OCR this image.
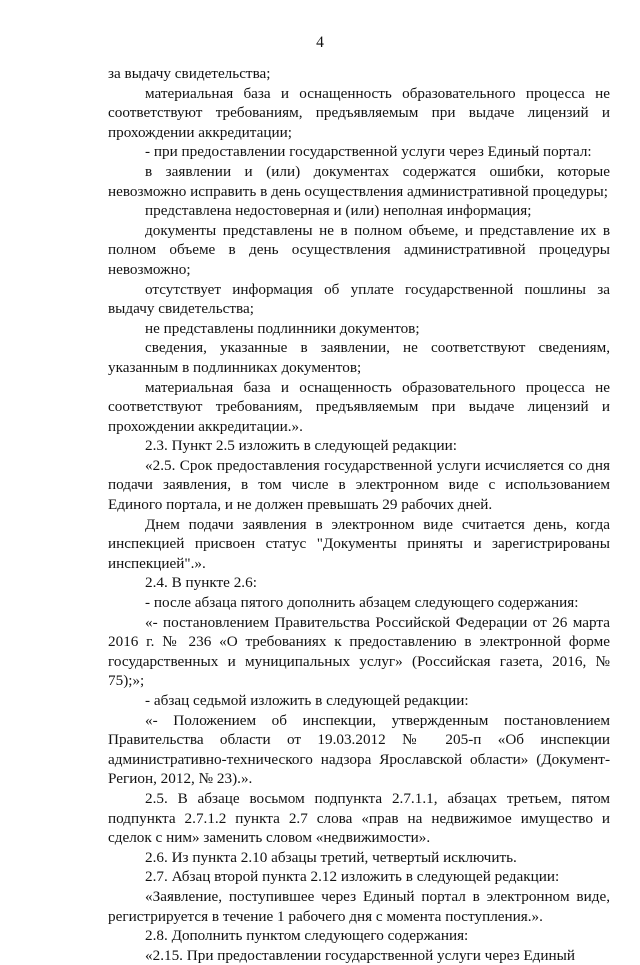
4

за выдачу свидетельства;

материальная база и оснащенность образовательного процесса не соответствуют требованиям, предъявляемым при выдаче лицензий и прохождении аккредитации;

- при предоставлении государственной услуги через Единый портал:

в заявлении и (или) документах содержатся ошибки, которые невозможно исправить в день осуществления административной процедуры;

представлена недостоверная и (или) неполная информация;

документы представлены не в полном объеме, и представление их в полном объеме в день осуществления административной процедуры невозможно;

отсутствует информация об уплате государственной пошлины за выдачу свидетельства;

не представлены подлинники документов;

сведения, указанные в заявлении, не соответствуют сведениям, указанным в подлинниках документов;

материальная база и оснащенность образовательного процесса не соответствуют требованиям, предъявляемым при выдаче лицензий и прохождении аккредитации.».

2.3. Пункт 2.5 изложить в следующей редакции:

«2.5. Срок предоставления государственной услуги исчисляется со дня подачи заявления, в том числе в электронном виде с использованием Единого портала, и не должен превышать 29 рабочих дней.

Днем подачи заявления в электронном виде считается день, когда инспекцией присвоен статус "Документы приняты и зарегистрированы инспекцией".».

2.4. В пункте 2.6:

- после абзаца пятого дополнить абзацем следующего содержания:

«- постановлением Правительства Российской Федерации от 26 марта 2016 г. № 236 «О требованиях к предоставлению в электронной форме государственных и муниципальных услуг» (Российская газета, 2016, № 75);»;

- абзац седьмой изложить в следующей редакции:

«- Положением об инспекции, утвержденным постановлением Правительства области от 19.03.2012 № 205-п «Об инспекции административно-технического надзора Ярославской области» (Документ-Регион, 2012, № 23).».

2.5. В абзаце восьмом подпункта 2.7.1.1, абзацах третьем, пятом подпункта 2.7.1.2 пункта 2.7 слова «прав на недвижимое имущество и сделок с ним» заменить словом «недвижимости».

2.6. Из пункта 2.10 абзацы третий, четвертый исключить.

2.7. Абзац второй пункта 2.12 изложить в следующей редакции:

«Заявление, поступившее через Единый портал в электронном виде, регистрируется в течение 1 рабочего дня с момента поступления.».

2.8. Дополнить пунктом следующего содержания:

«2.15. При предоставлении государственной услуги через Единый
